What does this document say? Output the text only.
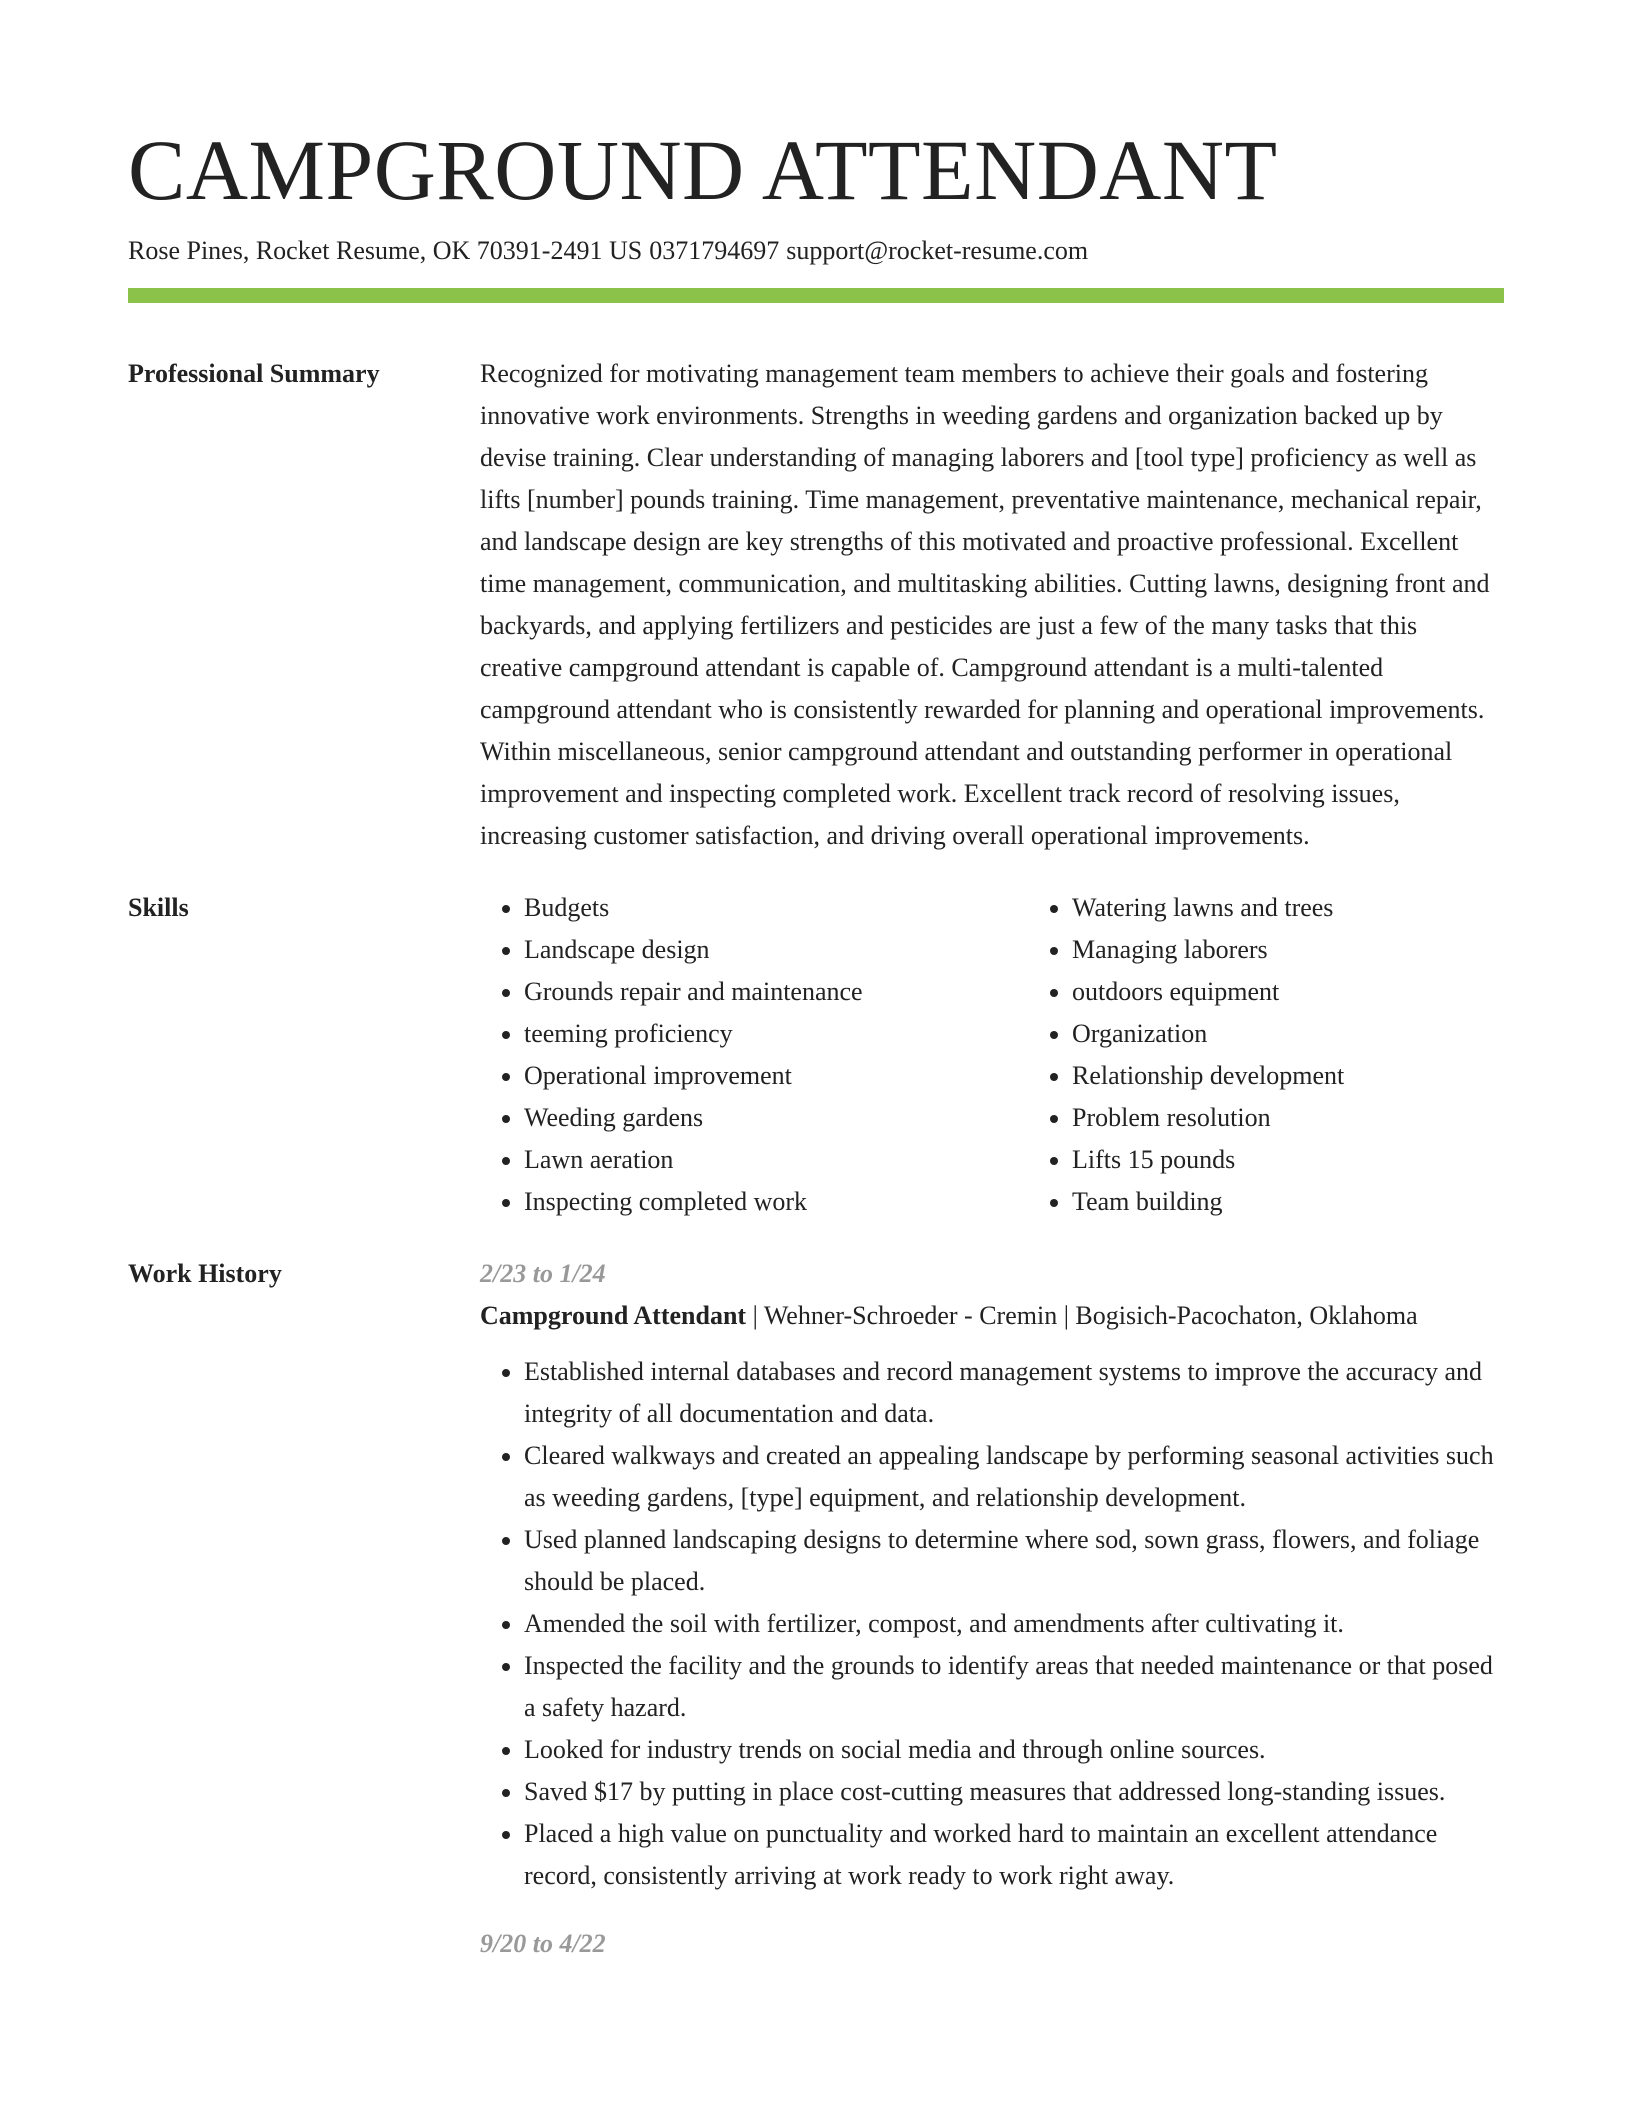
CAMPGROUND ATTENDANT
Rose Pines, Rocket Resume, OK 70391-2491 US 0371794697 support@rocket-resume.com
Professional Summary	Recognized for motivating management team members to achieve their goals and fostering innovative work environments. Strengths in weeding gardens and organization backed up by devise training. Clear understanding of managing laborers and [tool type] proficiency as well as lifts [number] pounds training. Time management, preventative maintenance, mechanical repair, and landscape design are key strengths of this motivated and proactive professional. Excellent time management, communication, and multitasking abilities. Cutting lawns, designing front and backyards, and applying fertilizers and pesticides are just a few of the many tasks that this creative campground attendant is capable of. Campground attendant is a multi-talented campground attendant who is consistently rewarded for planning and operational improvements. Within miscellaneous, senior campground attendant and outstanding performer in operational improvement and inspecting completed work. Excellent track record of resolving issues, increasing customer satisfaction, and driving overall operational improvements.

Skills
•	Budgets
• Landscape design
• Grounds repair and maintenance
• teeming proficiency
• Operational improvement
• Weeding gardens
• Lawn aeration
• Inspecting completed work
• Watering lawns and trees
• Managing laborers
• outdoors equipment
• Organization
• Relationship development
• Problem resolution
• Lifts 15 pounds
• Team building
Work History	2/23 to 1/24
Campground Attendant | Wehner-Schroeder - Cremin | Bogisich-Pacochaton, Oklahoma
• Established internal databases and record management systems to improve the accuracy and integrity of all documentation and data.
• Cleared walkways and created an appealing landscape by performing seasonal activities such as weeding gardens, [type] equipment, and relationship development.
• Used planned landscaping designs to determine where sod, sown grass, flowers, and foliage should be placed.
• Amended the soil with fertilizer, compost, and amendments after cultivating it.
• Inspected the facility and the grounds to identify areas that needed maintenance or that posed a safety hazard.
• Looked for industry trends on social media and through online sources.
• Saved $17 by putting in place cost-cutting measures that addressed long-standing issues.
• Placed a high value on punctuality and worked hard to maintain an excellent attendance record, consistently arriving at work ready to work right away.
9/20 to 4/22
